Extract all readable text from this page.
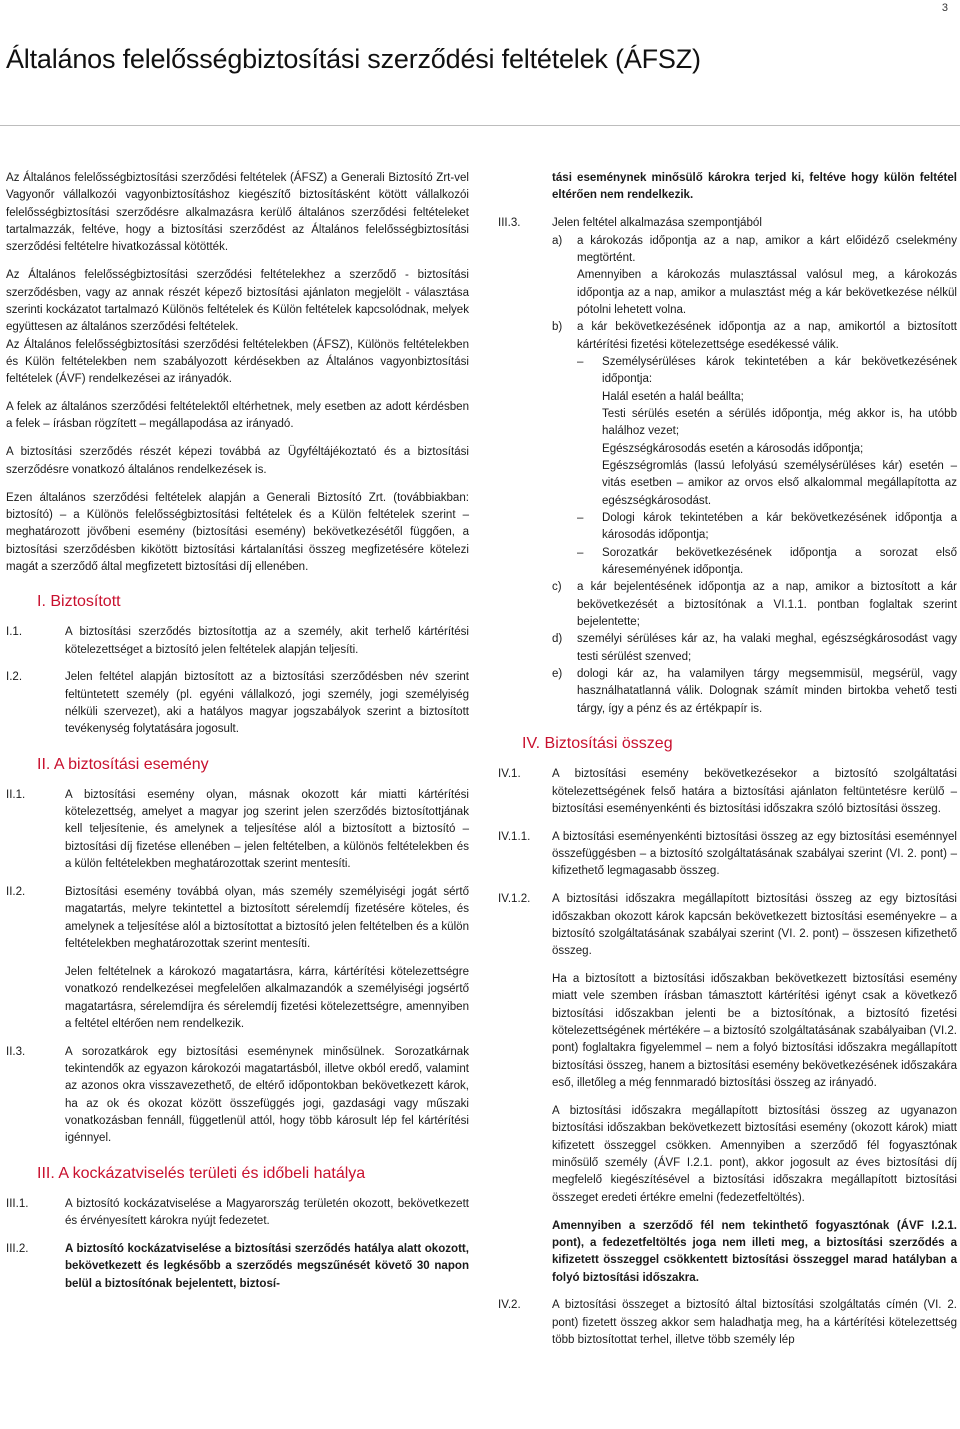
3
Általános felelősségbiztosítási szerződési feltételek (ÁFSZ)

Az Általános felelősségbiztosítási szerződési feltételek (ÁFSZ) a Generali Biztosító Zrt-vel Vagyonőr vállalkozói vagyonbiztosításhoz kiegészítő biztosításként kötött vállalkozói felelősségbiztosítási szerződésre alkalmazásra kerülő általános szerződési feltételeket tartalmazzák, feltéve, hogy a biztosítási szerződést az Általános felelősségbiztosítási szerződési feltételre hivatkozással kötötték.

Az Általános felelősségbiztosítási szerződési feltételekhez a szerződő - biztosítási szerződésben, vagy az annak részét képező biztosítási ajánlaton megjelölt - választása szerinti kockázatot tartalmazó Különös feltételek és Külön feltételek kapcsolódnak, melyek együttesen az általános szerződési feltételek.

Az Általános felelősségbiztosítási szerződési feltételekben (ÁFSZ), Különös feltételekben és Külön feltételekben nem szabályozott kérdésekben az Általános vagyonbiztosítási feltételek (ÁVF) rendelkezései az irányadók.

A felek az általános szerződési feltételektől eltérhetnek, mely esetben az adott kérdésben a felek – írásban rögzített – megállapodása az irányadó.

A biztosítási szerződés részét képezi továbbá az Ügyféltájékoztató és a biztosítási szerződésre vonatkozó általános rendelkezések is.

Ezen általános szerződési feltételek alapján a Generali Biztosító Zrt. (továbbiakban: biztosító) – a Különös felelősségbiztosítási feltételek és a Külön feltételek szerint – meghatározott jövőbeni esemény (biztosítási esemény) bekövetkezésétől függően, a biztosítási szerződésben kikötött biztosítási kártalanítási összeg megfizetésére kötelezi magát a szerződő által megfizetett biztosítási díj ellenében.

I. Biztosított
I.1.	A biztosítási szerződés biztosítottja az a személy, akit terhelő kártérítési kötelezettséget a biztosító jelen feltételek alapján teljesíti.

I.2.	Jelen feltétel alapján biztosított az a biztosítási szerződésben név szerint feltüntetett személy (pl. egyéni vállalkozó, jogi személy, jogi személyiség nélküli szervezet), aki a hatályos magyar jogszabályok szerint a biztosított tevékenység folytatására jogosult.

II. A biztosítási esemény
II.1.	A biztosítási esemény olyan, másnak okozott kár miatti kártérítési kötelezettség, amelyet a magyar jog szerint jelen szerződés biztosítottjának kell teljesítenie, és amelynek a teljesítése alól a biztosított a biztosító – biztosítási díj fizetése ellenében – jelen feltételben, a különös feltételekben és a külön feltételekben meghatározottak szerint mentesíti.

II.2.	Biztosítási esemény továbbá olyan, más személy személyiségi jogát sértő magatartás, melyre tekintettel a biztosított sérelemdíj fizetésére köteles, és amelynek a teljesítése alól a biztosítottat a biztosító jelen feltételben és a külön feltételekben meghatározottak szerint mentesíti.

Jelen feltételnek a károkozó magatartásra, kárra, kártérítési kötelezettségre vonatkozó rendelkezései megfelelően alkalmazandók a személyiségi jogsértő magatartásra, sérelemdíjra és sérelemdíj fizetési kötelezettségre, amennyiben a feltétel eltérően nem rendelkezik.

II.3.	A sorozatkárok egy biztosítási eseménynek minősülnek. Sorozatkárnak tekintendők az egyazon károkozói magatartásból, illetve okból eredő, valamint az azonos okra visszavezethető, de eltérő időpontokban bekövetkezett károk, ha az ok és okozat között összefüggés jogi, gazdasági vagy műszaki vonatkozásban fennáll, függetlenül attól, hogy több károsult lép fel kártérítési igénnyel.

III. A kockázatviselés területi és időbeli hatálya
III.1.	A biztosító kockázatviselése a Magyarország területén okozott, bekövetkezett és érvényesített károkra nyújt fedezetet.

III.2.	A biztosító kockázatviselése a biztosítási szerződés hatálya alatt okozott, bekövetkezett és legkésőbb a szerződés megszűnését követő 30 napon belül a biztosítónak bejelentett, biztosí-

tási eseménynek minősülő károkra terjed ki, feltéve hogy külön feltétel eltérően nem rendelkezik.

III.3.	Jelen feltétel alkalmazása szempontjából
a)	a károkozás időpontja az a nap, amikor a kárt előidéző cselekmény megtörtént.
Amennyiben a károkozás mulasztással valósul meg, a károkozás időpontja az a nap, amikor a mulasztást még a kár bekövetkezése nélkül pótolni lehetett volna.
b)	a kár bekövetkezésének időpontja az a nap, amikortól a biztosított kártérítési fizetési kötelezettsége esedékessé válik.
–	Személysérüléses károk tekintetében a kár bekövetkezésének időpontja:
Halál esetén a halál beállta;
Testi sérülés esetén a sérülés időpontja, még akkor is, ha utóbb halálhoz vezet;
Egészségkárosodás esetén a károsodás időpontja;
Egészségromlás (lassú lefolyású személysérüléses kár) esetén – vitás esetben – amikor az orvos első alkalommal megállapította az egészségkárosodást.
–	Dologi károk tekintetében a kár bekövetkezésének időpontja a károsodás időpontja;
–	Sorozatkár bekövetkezésének időpontja a sorozat első káreseményének időpontja.
c)	a kár bejelentésének időpontja az a nap, amikor a biztosított a kár bekövetkezését a biztosítónak a VI.1.1. pontban foglaltak szerint bejelentette;
d)	személyi sérüléses kár az, ha valaki meghal, egészségkárosodást vagy testi sérülést szenved;
e)	dologi kár az, ha valamilyen tárgy megsemmisül, megsérül, vagy használhatatlanná válik. Dolognak számít minden birtokba vehető testi tárgy, így a pénz és az értékpapír is.
IV. Biztosítási összeg
IV.1.	A biztosítási esemény bekövetkezésekor a biztosító szolgáltatási kötelezettségének felső határa a biztosítási ajánlaton feltüntetésre kerülő – biztosítási eseményenkénti és biztosítási időszakra szóló biztosítási összeg.

IV.1.1.	A biztosítási eseményenkénti biztosítási összeg az egy biztosítási eseménnyel összefüggésben – a biztosító szolgáltatásának szabályai szerint (VI. 2. pont) – kifizethető legmagasabb összeg.

IV.1.2.	A biztosítási időszakra megállapított biztosítási összeg az egy biztosítási időszakban okozott károk kapcsán bekövetkezett biztosítási eseményekre – a biztosító szolgáltatásának szabályai szerint (VI. 2. pont) – összesen kifizethető összeg.

Ha a biztosított a biztosítási időszakban bekövetkezett biztosítási esemény miatt vele szemben írásban támasztott kártérítési igényt csak a következő biztosítási időszakban jelenti be a biztosítónak, a biztosító fizetési kötelezettségének mértékére – a biztosító szolgáltatásának szabályaiban (VI.2. pont) foglaltakra figyelemmel – nem a folyó biztosítási időszakra megállapított biztosítási összeg, hanem a biztosítási esemény bekövetkezésének időszakára eső, illetőleg a még fennmaradó biztosítási összeg az irányadó.

A biztosítási időszakra megállapított biztosítási összeg az ugyanazon biztosítási időszakban bekövetkezett biztosítási esemény (okozott károk) miatt kifizetett összeggel csökken. Amennyiben a szerződő fél fogyasztónak minősülő személy (ÁVF I.2.1. pont), akkor jogosult az éves biztosítási díj megfelelő kiegészítésével a biztosítási időszakra megállapított biztosítási összeget eredeti értékre emelni (fedezetfeltöltés).

Amennyiben a szerződő fél nem tekinthető fogyasztónak (ÁVF I.2.1. pont), a fedezetfeltöltés joga nem illeti meg, a biztosítási szerződés a kifizetett összeggel csökkentett biztosítási összeggel marad hatályban a folyó biztosítási időszakra.

IV.2.	A biztosítási összeget a biztosító által biztosítási szolgáltatás címén (VI. 2. pont) fizetett összeg akkor sem haladhatja meg, ha a kártérítési kötelezettség több biztosítottat terhel, illetve több személy lép
